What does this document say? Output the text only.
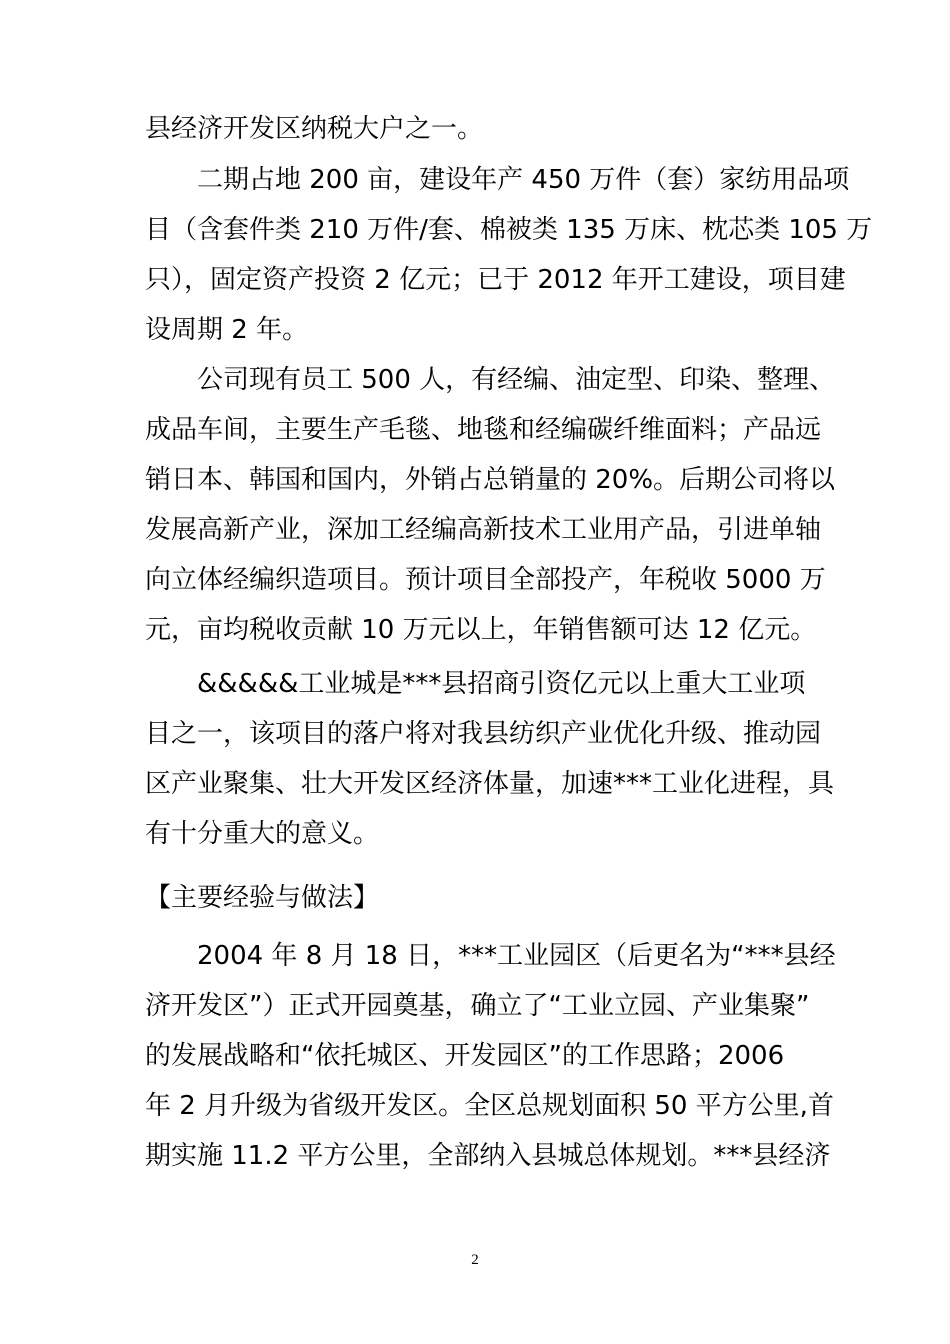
县经济开发区纳税大户之一。
二期占地 200 亩，建设年产 450 万件（套）家纺用品项
目（含套件类 210 万件/套、棉被类 135 万床、枕芯类 105 万
只），固定资产投资 2 亿元；已于 2012 年开工建设，项目建
设周期 2 年。
公司现有员工 500 人，有经编、油定型、印染、整理、
成品车间，主要生产毛毯、地毯和经编碳纤维面料；产品远
销日本、韩国和国内，外销占总销量的 20%。后期公司将以
发展高新产业，深加工经编高新技术工业用产品，引进单轴
向立体经编织造项目。预计项目全部投产，年税收 5000 万
元，亩均税收贡献 10 万元以上，年销售额可达 12 亿元。
&&&&&工业城是***县招商引资亿元以上重大工业项
目之一，该项目的落户将对我县纺织产业优化升级、推动园
区产业聚集、壮大开发区经济体量，加速***工业化进程，具
有十分重大的意义。
【主要经验与做法】
2004 年 8 月 18 日，***工业园区（后更名为“***县经
济开发区”）正式开园奠基，确立了“工业立园、产业集聚”
的发展战略和“依托城区、开发园区”的工作思路；2006
年 2 月升级为省级开发区。全区总规划面积 50 平方公里,首
期实施 11.2 平方公里，全部纳入县城总体规划。***县经济
2
